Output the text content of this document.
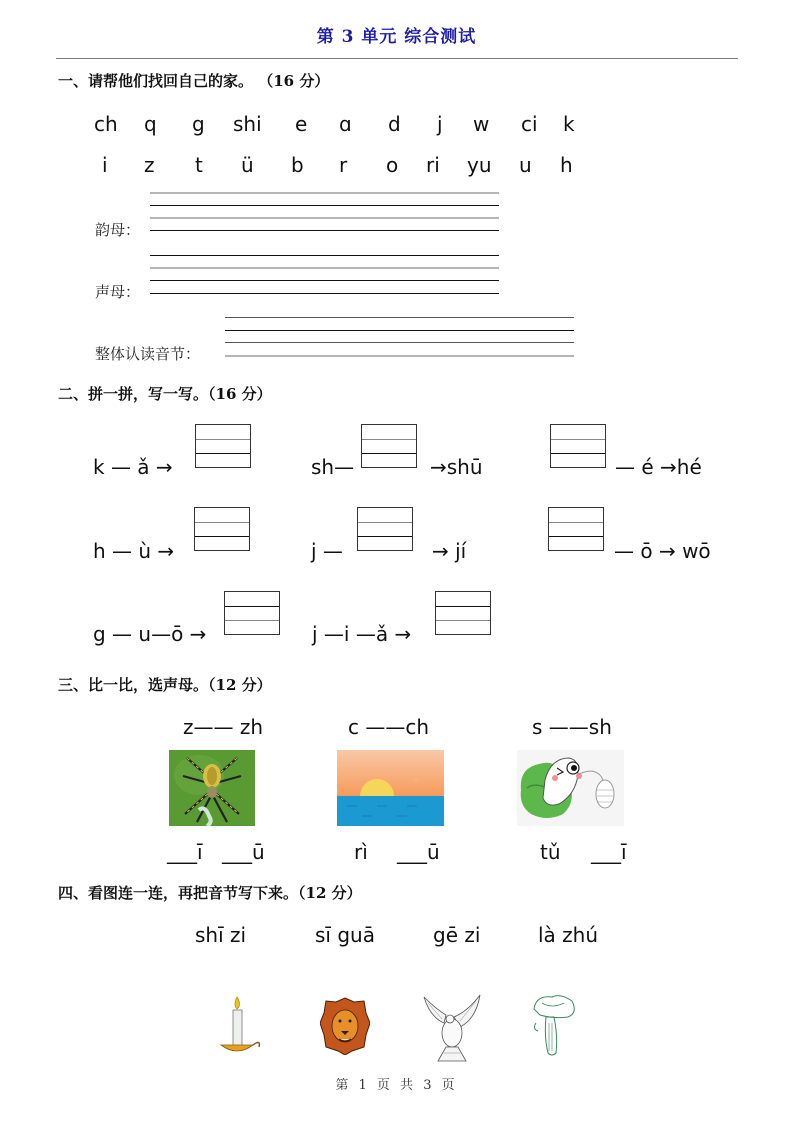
第 3 单元 综合测试
一、请帮他们找回自己的家。 （16 分）
ch q g shi e ɑ d j w ci k
i z t ü b r o ri yu u h
韵母：
声母：
整体认读音节：
二、拼一拼，写一写。（16 分）
k — ǎ →	sh—	→shū	— é →hé
h — ù →	j —	→ jí	— ō → wō
g — u—ō →	j —i —ǎ →
三、比一比，选声母。（12 分）
z—— zh	c ——ch	s ——sh
___ī ___ū	rì ___ū	tǔ ___ī
四、看图连一连，再把音节写下来。（12 分）
shī zi	sī guā	gē zi	là zhú
第 1 页 共 3 页
